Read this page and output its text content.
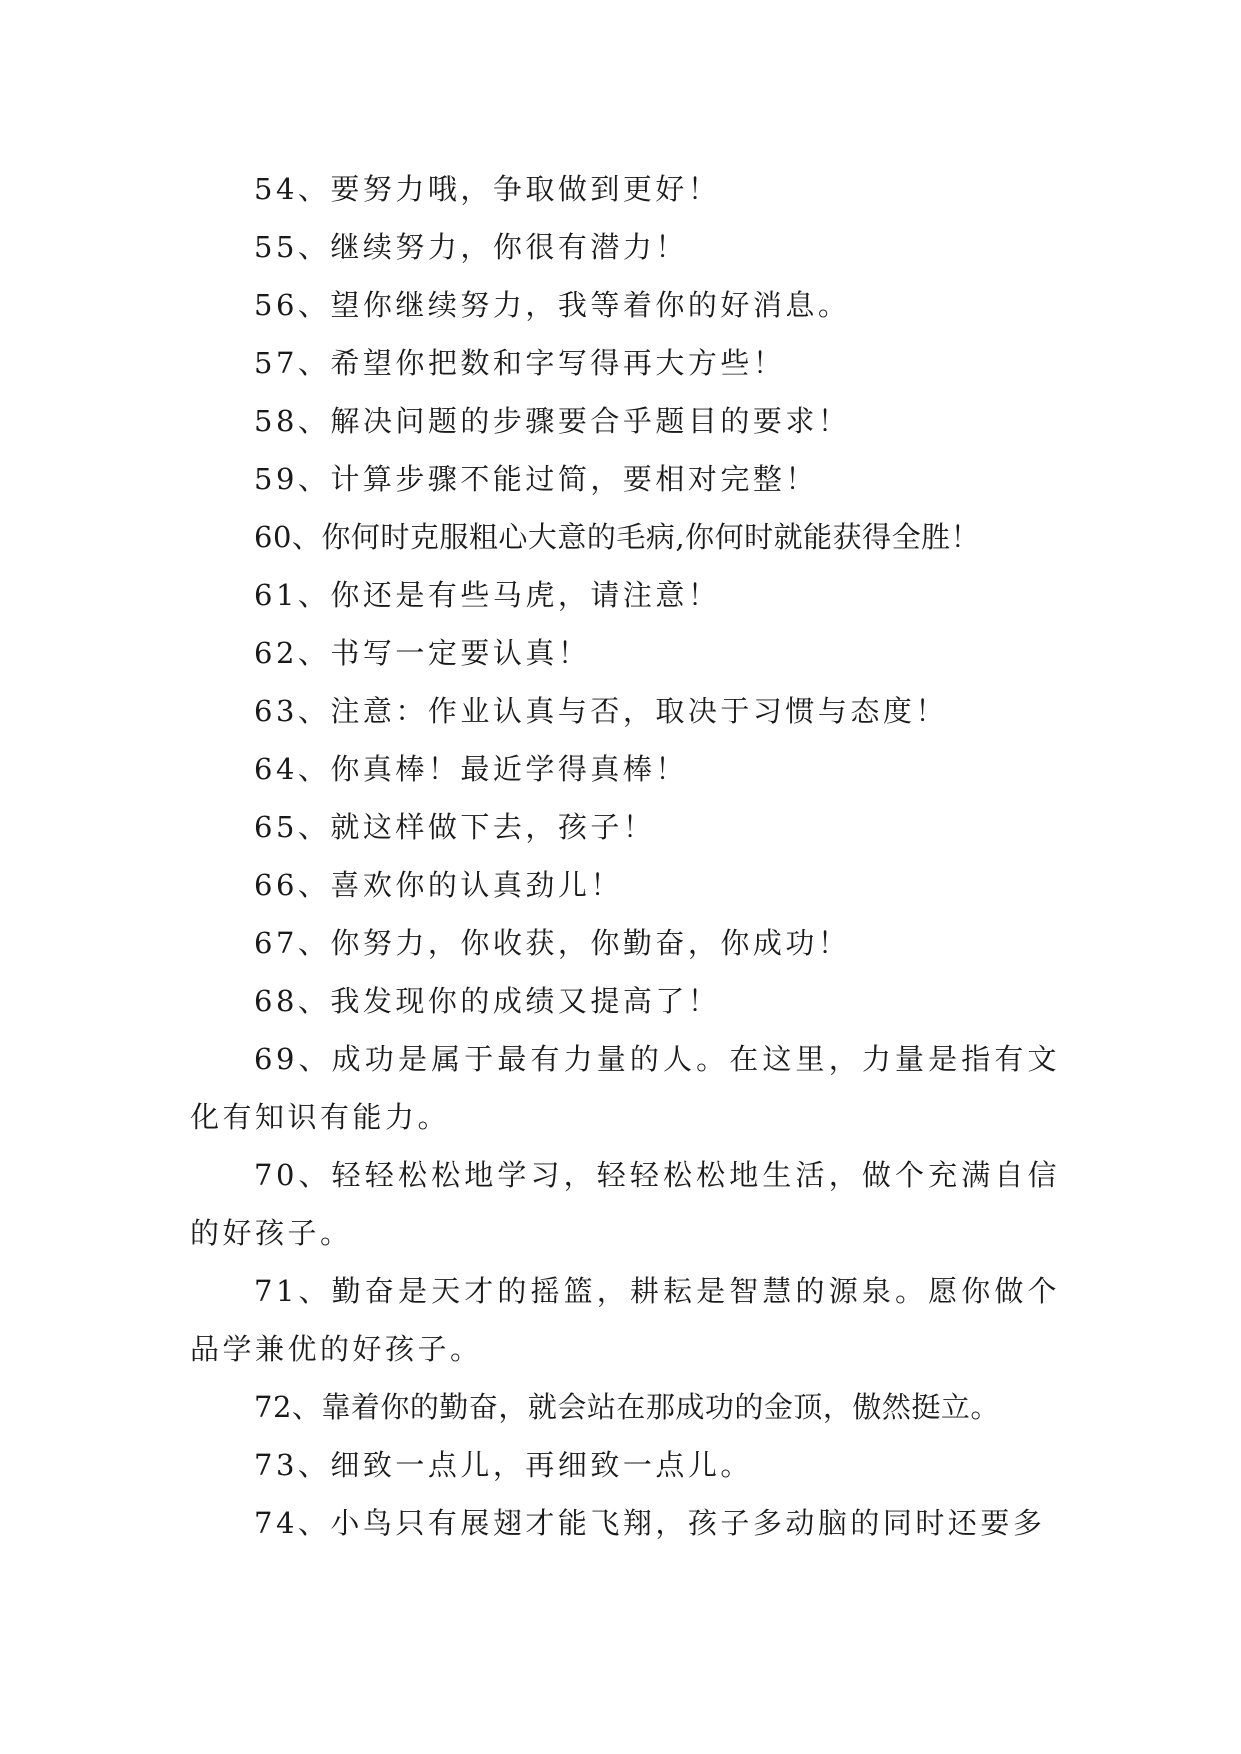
54、要努力哦，争取做到更好！

55、继续努力，你很有潜力！

56、望你继续努力，我等着你的好消息。

57、希望你把数和字写得再大方些！

58、解决问题的步骤要合乎题目的要求！

59、计算步骤不能过简，要相对完整！

60、你何时克服粗心大意的毛病,你何时就能获得全胜！

61、你还是有些马虎，请注意！

62、书写一定要认真！

63、注意：作业认真与否，取决于习惯与态度！

64、你真棒！最近学得真棒！

65、就这样做下去，孩子！

66、喜欢你的认真劲儿！

67、你努力，你收获，你勤奋，你成功！

68、我发现你的成绩又提高了！

69、成功是属于最有力量的人。在这里，力量是指有文化有知识有能力。

70、轻轻松松地学习，轻轻松松地生活，做个充满自信的好孩子。

71、勤奋是天才的摇篮，耕耘是智慧的源泉。愿你做个品学兼优的好孩子。

72、靠着你的勤奋，就会站在那成功的金顶，傲然挺立。

73、细致一点儿，再细致一点儿。

74、小鸟只有展翅才能飞翔，孩子多动脑的同时还要多
